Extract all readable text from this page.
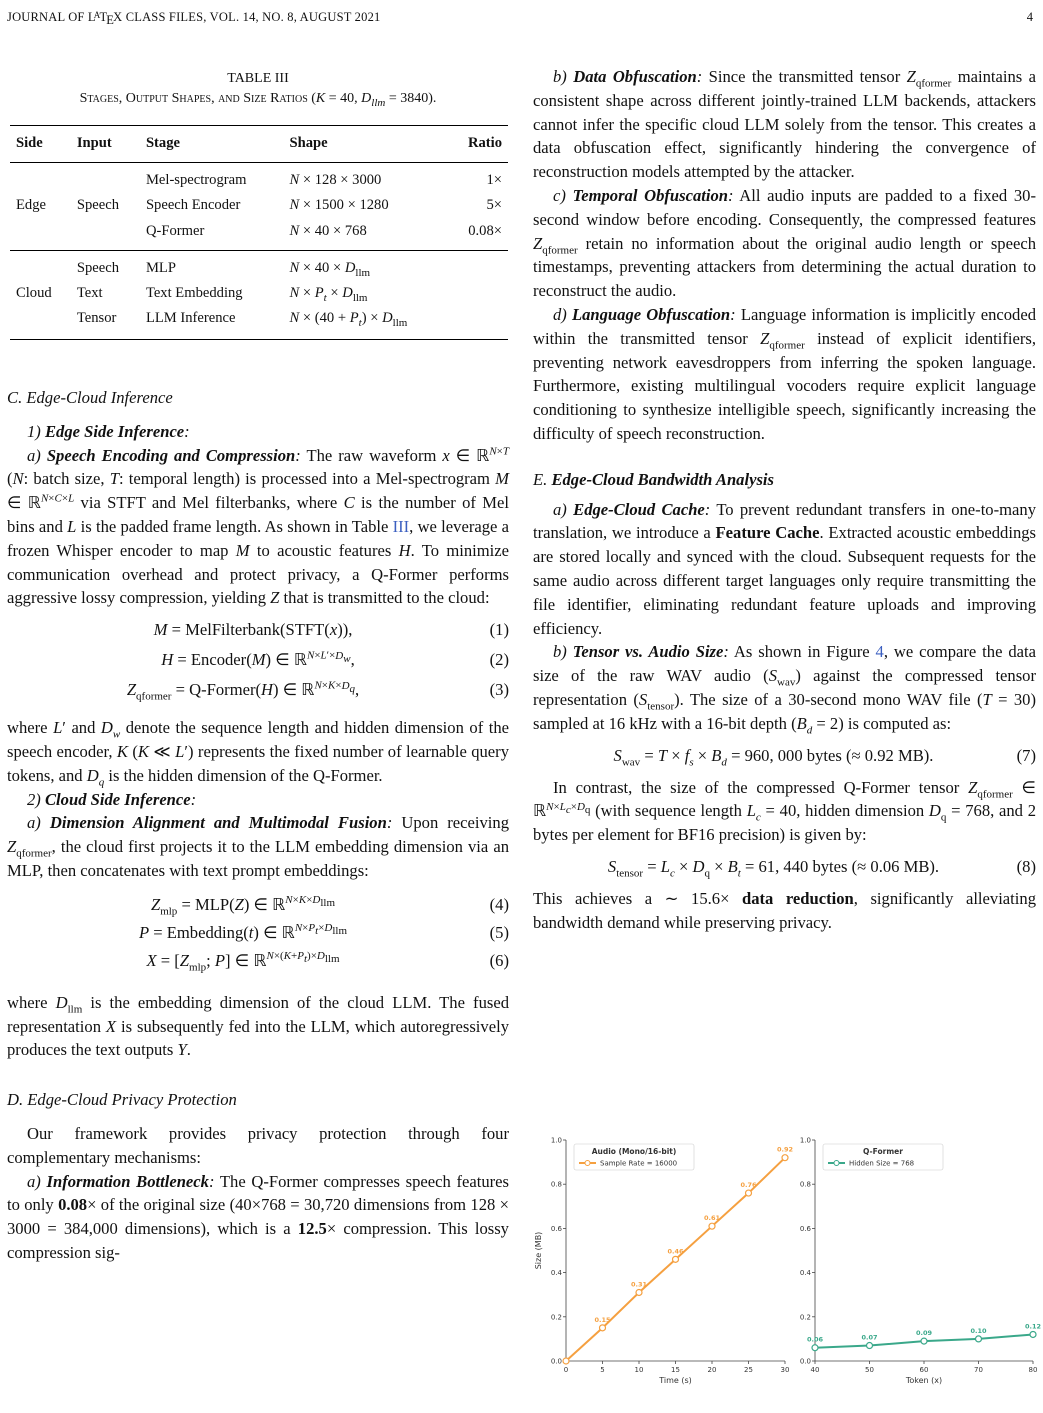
JOURNAL OF $L^ATEX$ CLASS FILES, VOL. 14, NO. 8, AUGUST 2021	4
TABLE III
Stages, Output Shapes, and Size Ratios (K = 40, $D_{llm} = 3840$).
Side	Input	Stage	Shape	Ratio
		Mel-spectrogram	N × 128 × 3000	1×
Edge	Speech	Speech Encoder	N × 1500 × 1280	5×
		Q-Former	N × 40 × 768	0.08×
	Speech	MLP	$N \times 40 \times D_{llm}$	
Cloud	Text	Text Embedding	$N \times P_t \times D_{llm}$	
	Tensor	LLM Inference	$N \times (40 + P_t) \times D_{llm}$	
C. Edge-Cloud Inference
1) Edge Side Inference:
a) Speech Encoding and Compression: The raw waveform x ∈ ℝ$^{N\times T}$ (N: batch size, T: temporal length) is processed into a Mel-spectrogram M ∈ ℝ$^{N\times C\times L}$ via STFT and Mel filterbanks, where C is the number of Mel bins and L is the padded frame length. As shown in Table III, we leverage a frozen Whisper encoder to map M to acoustic features H. To minimize communication overhead and protect privacy, a Q-Former performs aggressive lossy compression, yielding Z that is transmitted to the cloud:
M = MelFilterbank(STFT(x)),	(1)
H = Encoder(M) ∈ ℝ$^{N\times L'\times D_w}$,	(2)
$Z_{qformer}$ = Q-Former(H) ∈ ℝ$^{N\times K\times D_q}$,	(3)
where L′ and $D_w$ denote the sequence length and hidden dimension of the speech encoder, K (K ≪ L′) represents the fixed number of learnable query tokens, and $D_q$ is the hidden dimension of the Q-Former.
2) Cloud Side Inference:
a) Dimension Alignment and Multimodal Fusion: Upon receiving $Z_{qformer}$, the cloud first projects it to the LLM embedding dimension via an MLP, then concatenates with text prompt embeddings:
$Z_{mlp} = MLP(Z)$ ∈ ℝ$^{N\times K\times D_{llm}}$	(4)
P = Embedding(t) ∈ ℝ$^{N\times P_t\times D_{llm}}$	(5)
$X = [Z_{mlp}$; P] ∈ ℝ$^{N\times(K+P_t)\times D_{llm}}$	(6)
where $D_{llm}$ is the embedding dimension of the cloud LLM. The fused representation X is subsequently fed into the LLM, which autoregressively produces the text outputs Y.
D. Edge-Cloud Privacy Protection
Our framework provides privacy protection through four complementary mechanisms:
a) Information Bottleneck: The Q-Former compresses speech features to only 0.08× of the original size (40×768 = 30,720 dimensions from 128 × 3000 = 384,000 dimensions), which is a 12.5× compression. This lossy compression sig-
b) Data Obfuscation: Since the transmitted tensor $Z_{qformer}$ maintains a consistent shape across different jointly-trained LLM backends, attackers cannot infer the specific cloud LLM solely from the tensor. This creates a data obfuscation effect, significantly hindering the convergence of reconstruction models attempted by the attacker.
c) Temporal Obfuscation: All audio inputs are padded to a fixed 30-second window before encoding. Consequently, the compressed features $Z_{qformer}$ retain no information about the original audio length or speech timestamps, preventing attackers from determining the actual duration to reconstruct the audio.
d) Language Obfuscation: Language information is implicitly encoded within the transmitted tensor $Z_{qformer}$ instead of explicit identifiers, preventing network eavesdroppers from inferring the spoken language. Furthermore, existing multilingual vocoders require explicit language conditioning to synthesize intelligible speech, significantly increasing the difficulty of speech reconstruction.
E. Edge-Cloud Bandwidth Analysis
a) Edge-Cloud Cache: To prevent redundant transfers in one-to-many translation, we introduce a Feature Cache. Extracted acoustic embeddings are stored locally and synced with the cloud. Subsequent requests for the same audio across different target languages only require transmitting the file identifier, eliminating redundant feature uploads and improving efficiency.
b) Tensor vs. Audio Size: As shown in Figure 4, we compare the data size of the raw WAV audio $(S_{wav})$ against the compressed tensor representation $(S_{tensor})$. The size of a 30-second mono WAV file (T = 30) sampled at 16 kHz with a 16-bit depth $(B_d = 2)$ is computed as:
$S_{wav} = T \times f_s \times B_d = 960$, 000 bytes (≈ 0.92 MB).	(7)
In contrast, the size of the compressed Q-Former tensor $Z_{qformer}$ ∈ ℝ$^{N\times L_c\times D_q}$ (with sequence length $L_c = 40$, hidden dimension $D_q = 768$, and 2 bytes per element for BF16 precision) is given by:
$S_{tensor} = L_c \times D_q \times B_t = 61$, 440 bytes (≈ 0.06 MB).	(8)
This achieves a ∼ 15.6× data reduction, significantly alleviating bandwidth demand while preserving privacy.
0.0
0.2
0.4
0.6
0.8
1.0
0	5	10	15	20	25	30
Time (s)
Size (MB)
0.15
0.31
0.46
0.61
0.76
0.92
Audio (Mono/16-bit)
Sample Rate = 16000
0.0
0.2
0.4
0.6
0.8
1.0
40	50	60	70	80
Token (x)
0.06	0.07
0.09	0.10
0.12
Q-Former
Hidden Size = 768
